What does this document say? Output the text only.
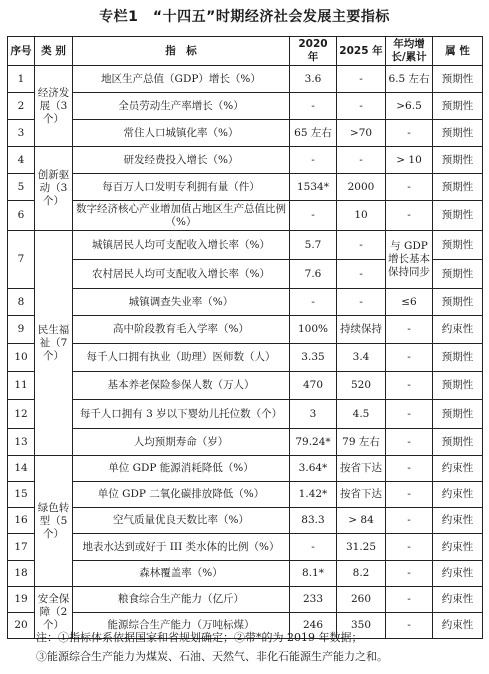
专栏1　“十四五”时期经济社会发展主要指标
序号	类 别	指　标	2020 年	2025 年	年均增长/累计	属 性
1	经济发展（3个）	地区生产总值（GDP）增长（%）	3.6	-	6.5 左右	预期性
2		全员劳动生产率增长（%）	-	-	>6.5	预期性
3		常住人口城镇化率（%）	65 左右	>70	-	预期性
4	创新驱动（3个）	研发经费投入增长（%）	-	-	> 10	预期性
5		每百万人口发明专利拥有量（件）	1534*	2000	-	预期性
6		数字经济核心产业增加值占地区生产总值比例（%）	-	10	-	预期性
7	民生福祉（7个）	城镇居民人均可支配收入增长率（%）	5.7	-	与 GDP 增长基本保持同步	预期性
		农村居民人均可支配收入增长率（%）	7.6	-		预期性
8		城镇调查失业率（%）	-	-	≤6	预期性
9		高中阶段教育毛入学率（%）	100%	持续保持	-	约束性
10		每千人口拥有执业（助理）医师数（人）	3.35	3.4	-	预期性
11		基本养老保险参保人数（万人）	470	520	-	预期性
12		每千人口拥有 3 岁以下婴幼儿托位数（个）	3	4.5	-	预期性
13		人均预期寿命（岁）	79.24*	79 左右	-	预期性
14	绿色转型（5个）	单位 GDP 能源消耗降低（%）	3.64*	按省下达	-	约束性
15		单位 GDP 二氧化碳排放降低（%）	1.42*	按省下达	-	约束性
16		空气质量优良天数比率（%）	83.3	> 84	-	约束性
17		地表水达到或好于 III 类水体的比例（%）	-	31.25	-	约束性
18		森林覆盖率（%）	8.1*	8.2	-	约束性
19	安全保障（2个）	粮食综合生产能力（亿斤）	233	260	-	约束性
20		能源综合生产能力（万吨标煤）	246	350	-	约束性
注：①指标体系依据国家和省规划确定；②带*的为 2019 年数据；
③能源综合生产能力为煤炭、石油、天然气、非化石能源生产能力之和。
